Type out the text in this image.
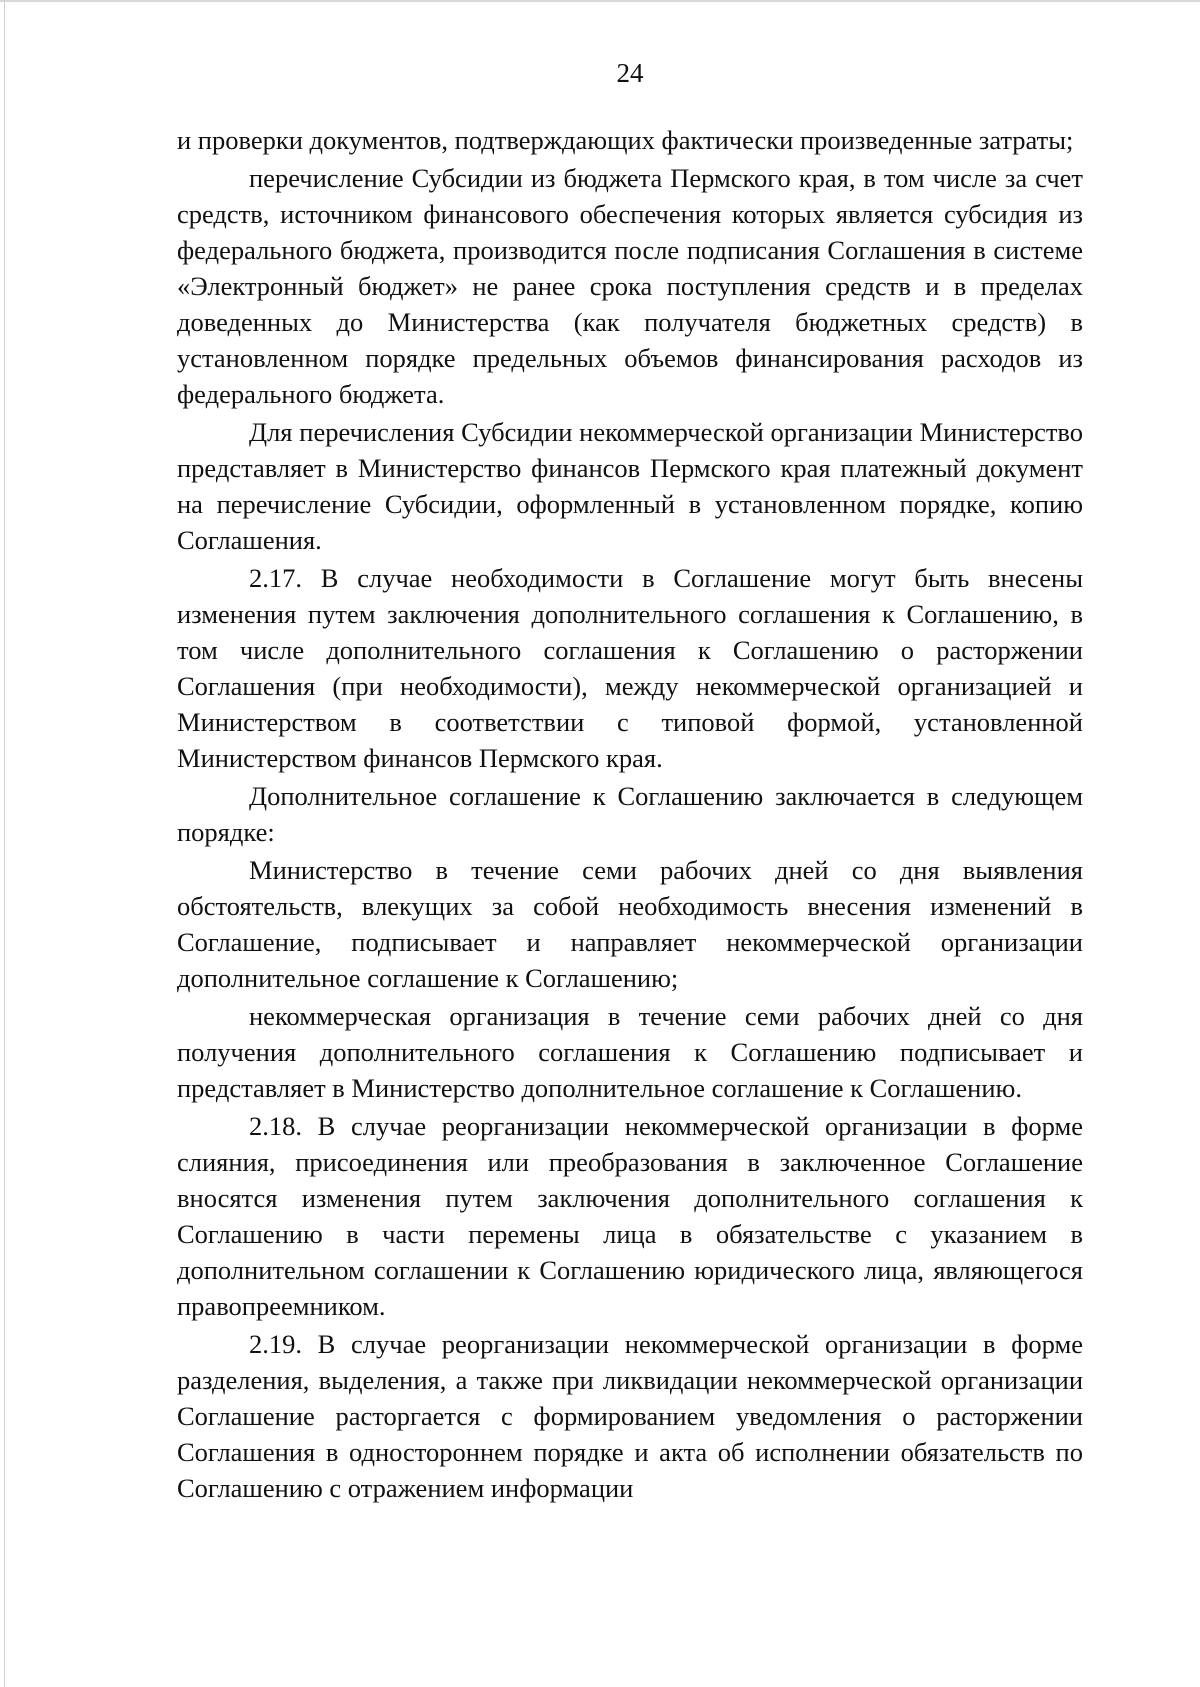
24

и проверки документов, подтверждающих фактически произведенные затраты;

перечисление Субсидии из бюджета Пермского края, в том числе за счет средств, источником финансового обеспечения которых является субсидия из федерального бюджета, производится после подписания Соглашения в системе «Электронный бюджет» не ранее срока поступления средств и в пределах доведенных до Министерства (как получателя бюджетных средств) в установленном порядке предельных объемов финансирования расходов из федерального бюджета.

Для перечисления Субсидии некоммерческой организации Министерство представляет в Министерство финансов Пермского края платежный документ на перечисление Субсидии, оформленный в установленном порядке, копию Соглашения.

2.17. В случае необходимости в Соглашение могут быть внесены изменения путем заключения дополнительного соглашения к Соглашению, в том числе дополнительного соглашения к Соглашению о расторжении Соглашения (при необходимости), между некоммерческой организацией и Министерством в соответствии с типовой формой, установленной Министерством финансов Пермского края.

Дополнительное соглашение к Соглашению заключается в следующем порядке:

Министерство в течение семи рабочих дней со дня выявления обстоятельств, влекущих за собой необходимость внесения изменений в Соглашение, подписывает и направляет некоммерческой организации дополнительное соглашение к Соглашению;

некоммерческая организация в течение семи рабочих дней со дня получения дополнительного соглашения к Соглашению подписывает и представляет в Министерство дополнительное соглашение к Соглашению.

2.18. В случае реорганизации некоммерческой организации в форме слияния, присоединения или преобразования в заключенное Соглашение вносятся изменения путем заключения дополнительного соглашения к Соглашению в части перемены лица в обязательстве с указанием в дополнительном соглашении к Соглашению юридического лица, являющегося правопреемником.

2.19. В случае реорганизации некоммерческой организации в форме разделения, выделения, а также при ликвидации некоммерческой организации Соглашение расторгается с формированием уведомления о расторжении Соглашения в одностороннем порядке и акта об исполнении обязательств по Соглашению с отражением информации
